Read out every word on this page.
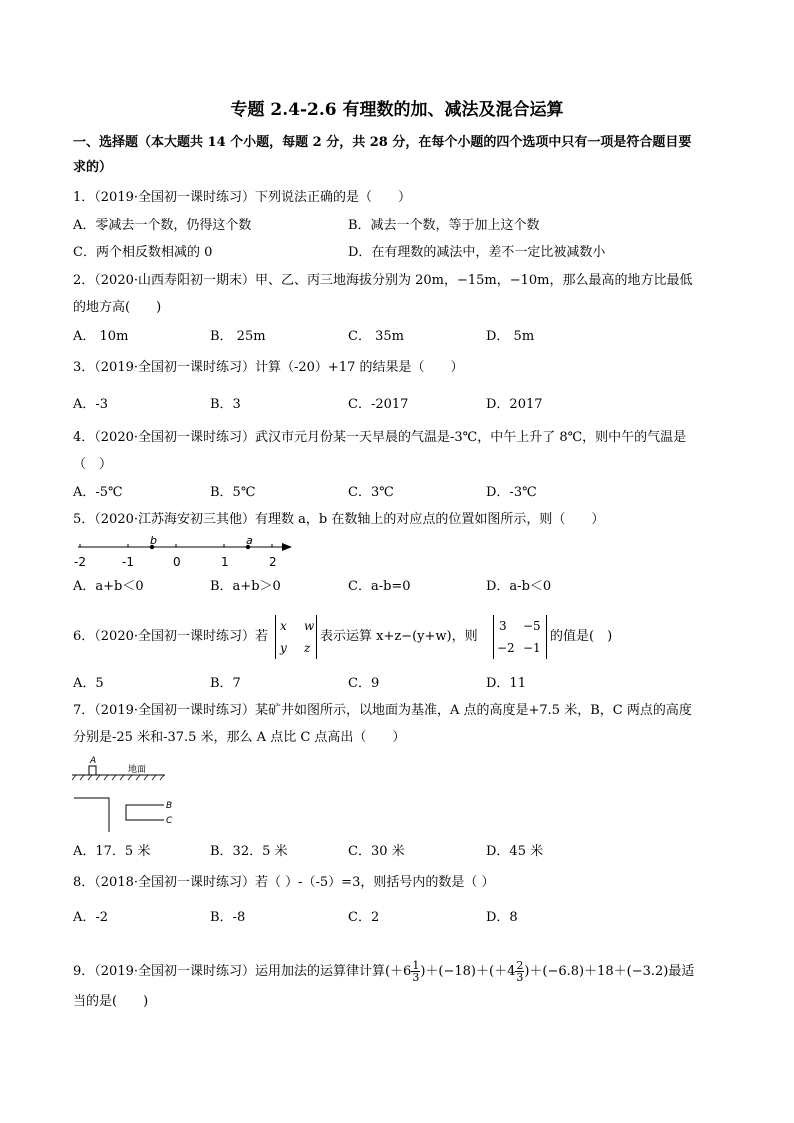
专题 2.4-2.6 有理数的加、减法及混合运算
一、选择题（本大题共 14 个小题，每题 2 分，共 28 分，在每个小题的四个选项中只有一项是符合题目要
求的）
1．（2019·全国初一课时练习）下列说法正确的是（　　）
A．零减去一个数，仍得这个数	B．减去一个数，等于加上这个数
C．两个相反数相减的 0	D．在有理数的减法中，差不一定比被减数小
2．（2020·山西寿阳初一期末）甲、乙、丙三地海拔分别为 20m，−15m，−10m，那么最高的地方比最低
的地方高(　　)
A． 10m	B． 25m	C． 35m	D． 5m
3．（2019·全国初一课时练习）计算（-20）+17 的结果是（　　）
A．-3	B．3	C．-2017	D．2017
4．（2020·全国初一课时练习）武汉市元月份某一天早晨的气温是-3℃，中午上升了 8℃，则中午的气温是
（　）
A．-5℃	B．5℃	C．3℃	D．-3℃
5．（2020·江苏海安初三其他）有理数 a，b 在数轴上的对应点的位置如图所示，则（　　）
-2	-1	0	1	2
b	a
A．a+b＜0	B．a+b＞0	C．a-b=0	D．a-b＜0
6．（2020·全国初一课时练习）若
x w
y z
表示运算 x+z−(y+w)，则
3 −5
−2 −1
的值是(　)
A．5	B．7	C．9	D．11
7．（2019·全国初一课时练习）某矿井如图所示，以地面为基准，A 点的高度是+7.5 米，B，C 两点的高度
分别是-25 米和-37.5 米，那么 A 点比 C 点高出（　　）
A
地面
B
C
A．17．5 米	B．32．5 米	C．30 米	D．45 米
8．（2018·全国初一课时练习）若（ ）-（-5）=3，则括号内的数是（ ）
A．-2	B．-8	C．2	D．8
9．（2019·全国初一课时练习）运用加法的运算律计算$(+6 \frac{1}{3} )+(-18)+(+4 \frac{2}{3} )+(-6.8)+18+(-3.2)$最适
当的是(　　)
